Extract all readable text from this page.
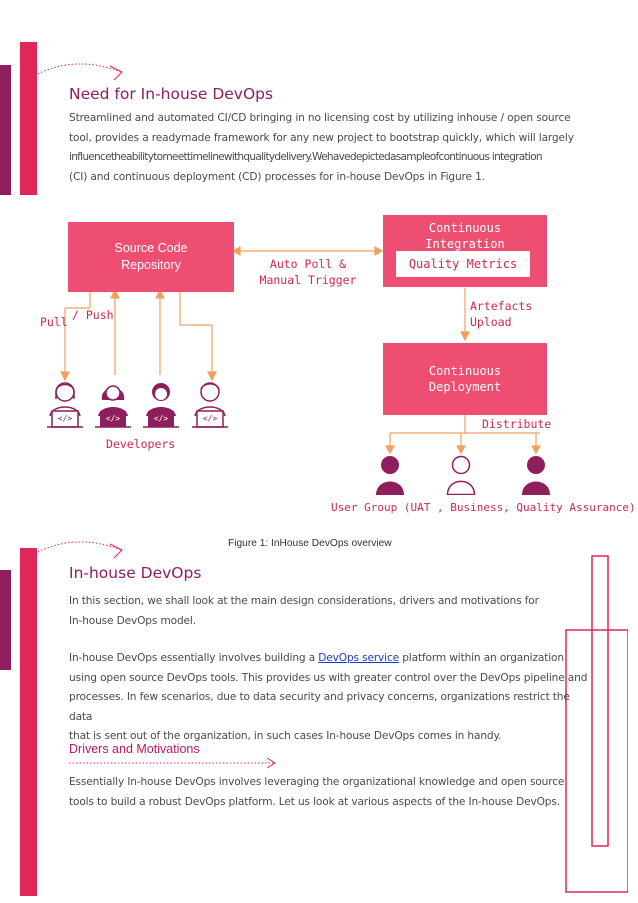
Need for In-house DevOps
Streamlined and automated CI/CD bringing in no licensing cost by utilizing inhouse / open source
tool, provides a readymade framework for any new project to bootstrap quickly, which will largely
influencetheabilitytomeettimelinewithqualitydelivery.Wehavedepictedasampleofcontinuous integration
(CI) and continuous deployment (CD) processes for in-house DevOps in Figure 1.
Source Code
Repository
Continuous
Integration
Quality Metrics
Continuous
Deployment
Auto Poll &
Manual Trigger
Artefacts
Upload
Pull / Push
Developers
Distribute
User Group (UAT , Business, Quality Assurance)
</>	</>	</>	</>
Figure 1: InHouse DevOps overview
In-house DevOps
In this section, we shall look at the main design considerations, drivers and motivations for
In-house DevOps model.
In-house DevOps essentially involves building a DevOps service platform within an organization
using open source DevOps tools. This provides us with greater control over the DevOps pipeline and
processes. In few scenarios, due to data security and privacy concerns, organizations restrict the data
that is sent out of the organization, in such cases In-house DevOps comes in handy.
Drivers and Motivations
Essentially In-house DevOps involves leveraging the organizational knowledge and open source
tools to build a robust DevOps platform. Let us look at various aspects of the In-house DevOps.
